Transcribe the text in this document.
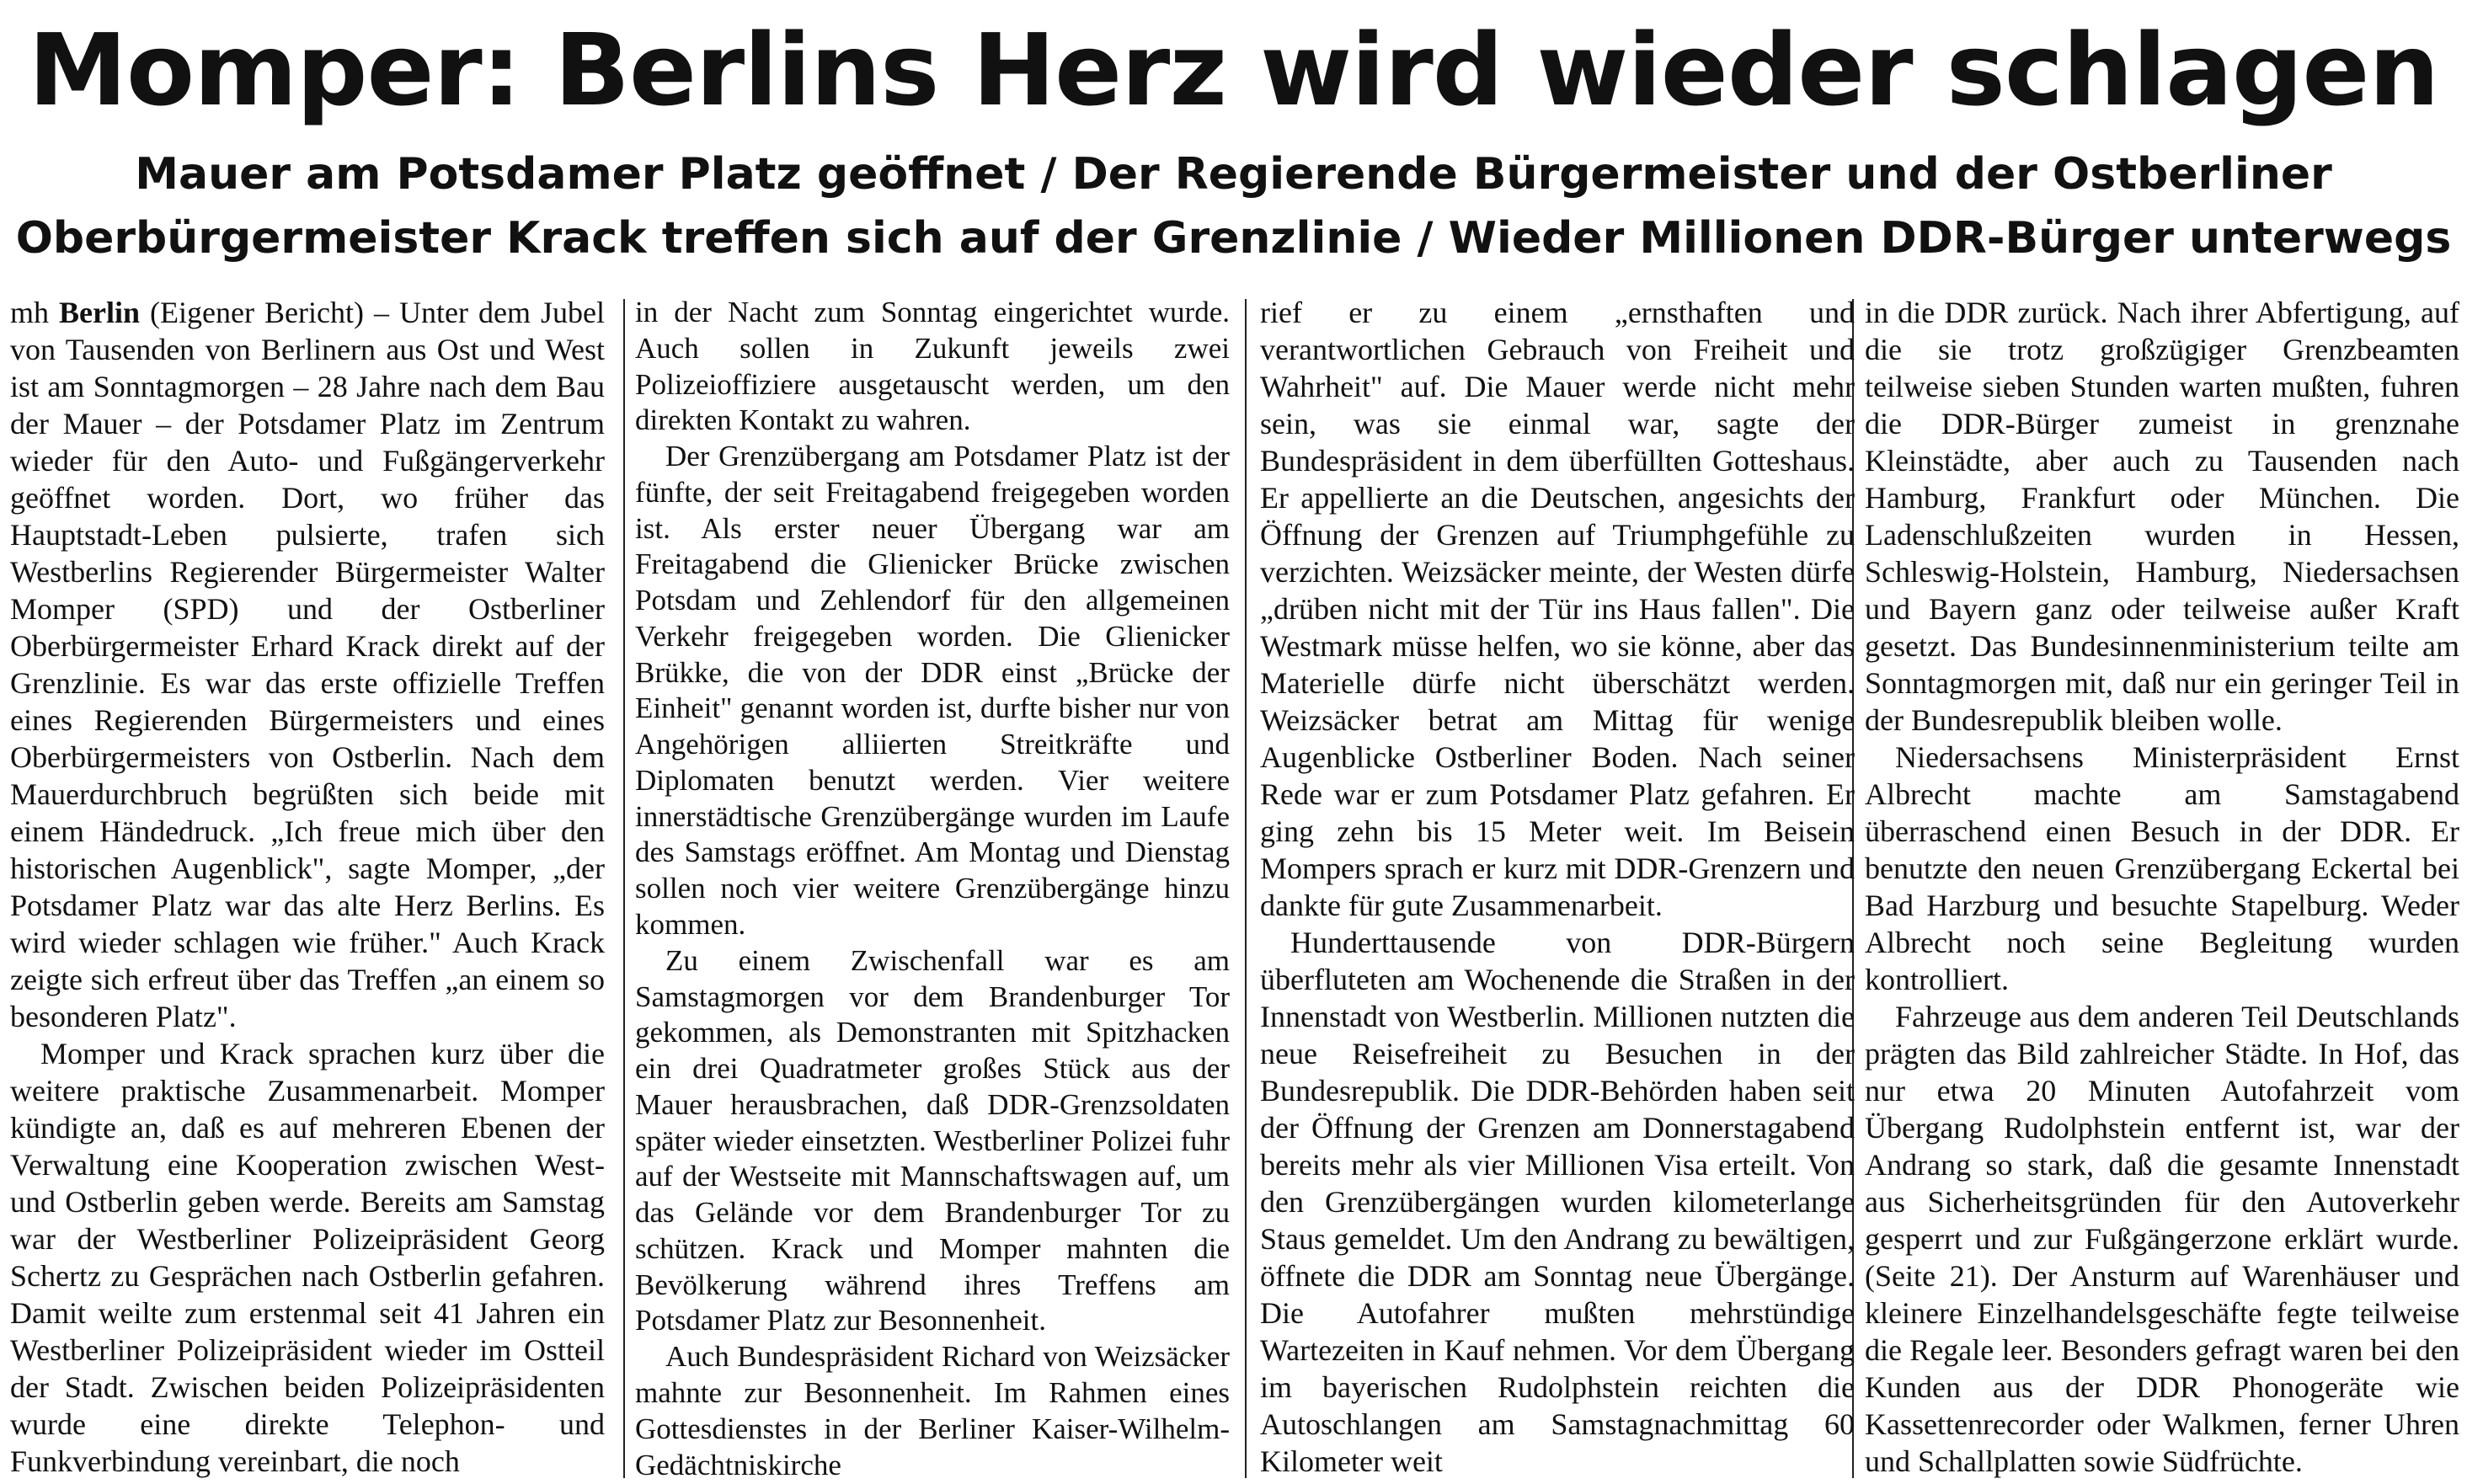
Momper: Berlins Herz wird wieder schlagen
Mauer am Potsdamer Platz geöffnet / Der Regierende Bürgermeister und der Ostberliner
Oberbürgermeister Krack treffen sich auf der Grenzlinie / Wieder Millionen DDR-Bürger unterwegs

mh Berlin (Eigener Bericht) – Unter dem Jubel von Tausenden von Berlinern aus Ost und West ist am Sonntagmorgen – 28 Jahre nach dem Bau der Mauer – der Potsdamer Platz im Zentrum wieder für den Auto- und Fußgängerverkehr geöffnet worden. Dort, wo früher das Hauptstadt-Leben pulsierte, trafen sich Westberlins Regierender Bürgermeister Walter Momper (SPD) und der Ostberliner Oberbürgermeister Erhard Krack direkt auf der Grenzlinie. Es war das erste offizielle Treffen eines Regierenden Bürgermeisters und eines Oberbürgermeisters von Ostberlin. Nach dem Mauerdurchbruch begrüßten sich beide mit einem Händedruck. „Ich freue mich über den historischen Augenblick", sagte Momper, „der Potsdamer Platz war das alte Herz Berlins. Es wird wieder schlagen wie früher." Auch Krack zeigte sich erfreut über das Treffen „an einem so besonderen Platz".

Momper und Krack sprachen kurz über die weitere praktische Zusammenarbeit. Momper kündigte an, daß es auf mehreren Ebenen der Verwaltung eine Kooperation zwischen West- und Ostberlin geben werde. Bereits am Samstag war der Westberliner Polizeipräsident Georg Schertz zu Gesprächen nach Ostberlin gefahren. Damit weilte zum erstenmal seit 41 Jahren ein Westberliner Polizeipräsident wieder im Ostteil der Stadt. Zwischen beiden Polizeipräsidenten wurde eine direkte Telephon- und Funkverbindung vereinbart, die noch

in der Nacht zum Sonntag eingerichtet wurde. Auch sollen in Zukunft jeweils zwei Polizeioffiziere ausgetauscht werden, um den direkten Kontakt zu wahren.

Der Grenzübergang am Potsdamer Platz ist der fünfte, der seit Freitagabend freigegeben worden ist. Als erster neuer Übergang war am Freitagabend die Glienicker Brücke zwischen Potsdam und Zehlendorf für den allgemeinen Verkehr freigegeben worden. Die Glienicker Brükke, die von der DDR einst „Brücke der Einheit" genannt worden ist, durfte bisher nur von Angehörigen alliierten Streitkräfte und Diplomaten benutzt werden. Vier weitere innerstädtische Grenzübergänge wurden im Laufe des Samstags eröffnet. Am Montag und Dienstag sollen noch vier weitere Grenzübergänge hinzu kommen.

Zu einem Zwischenfall war es am Samstagmorgen vor dem Brandenburger Tor gekommen, als Demonstranten mit Spitzhacken ein drei Quadratmeter großes Stück aus der Mauer herausbrachen, daß DDR-Grenzsoldaten später wieder einsetzten. Westberliner Polizei fuhr auf der Westseite mit Mannschaftswagen auf, um das Gelände vor dem Brandenburger Tor zu schützen. Krack und Momper mahnten die Bevölkerung während ihres Treffens am Potsdamer Platz zur Besonnenheit.

Auch Bundespräsident Richard von Weizsäcker mahnte zur Besonnenheit. Im Rahmen eines Gottesdienstes in der Berliner Kaiser-Wilhelm-Gedächtniskirche

rief er zu einem „ernsthaften und verantwortlichen Gebrauch von Freiheit und Wahrheit" auf. Die Mauer werde nicht mehr sein, was sie einmal war, sagte der Bundespräsident in dem überfüllten Gotteshaus. Er appellierte an die Deutschen, angesichts der Öffnung der Grenzen auf Triumphgefühle zu verzichten. Weizsäcker meinte, der Westen dürfe „drüben nicht mit der Tür ins Haus fallen". Die Westmark müsse helfen, wo sie könne, aber das Materielle dürfe nicht überschätzt werden. Weizsäcker betrat am Mittag für wenige Augenblicke Ostberliner Boden. Nach seiner Rede war er zum Potsdamer Platz gefahren. Er ging zehn bis 15 Meter weit. Im Beisein Mompers sprach er kurz mit DDR-Grenzern und dankte für gute Zusammenarbeit.

Hunderttausende von DDR-Bürgern überfluteten am Wochenende die Straßen in der Innenstadt von Westberlin. Millionen nutzten die neue Reisefreiheit zu Besuchen in der Bundesrepublik. Die DDR-Behörden haben seit der Öffnung der Grenzen am Donnerstagabend bereits mehr als vier Millionen Visa erteilt. Von den Grenzübergängen wurden kilometerlange Staus gemeldet. Um den Andrang zu bewältigen, öffnete die DDR am Sonntag neue Übergänge. Die Autofahrer mußten mehrstündige Wartezeiten in Kauf nehmen. Vor dem Übergang im bayerischen Rudolphstein reichten die Autoschlangen am Samstagnachmittag 60 Kilometer weit

in die DDR zurück. Nach ihrer Abfertigung, auf die sie trotz großzügiger Grenzbeamten teilweise sieben Stunden warten mußten, fuhren die DDR-Bürger zumeist in grenznahe Kleinstädte, aber auch zu Tausenden nach Hamburg, Frankfurt oder München. Die Ladenschlußzeiten wurden in Hessen, Schleswig-Holstein, Hamburg, Niedersachsen und Bayern ganz oder teilweise außer Kraft gesetzt. Das Bundesinnenministerium teilte am Sonntagmorgen mit, daß nur ein geringer Teil in der Bundesrepublik bleiben wolle.

Niedersachsens Ministerpräsident Ernst Albrecht machte am Samstagabend überraschend einen Besuch in der DDR. Er benutzte den neuen Grenzübergang Eckertal bei Bad Harzburg und besuchte Stapelburg. Weder Albrecht noch seine Begleitung wurden kontrolliert.

Fahrzeuge aus dem anderen Teil Deutschlands prägten das Bild zahlreicher Städte. In Hof, das nur etwa 20 Minuten Autofahrzeit vom Übergang Rudolphstein entfernt ist, war der Andrang so stark, daß die gesamte Innenstadt aus Sicherheitsgründen für den Autoverkehr gesperrt und zur Fußgängerzone erklärt wurde. (Seite 21). Der Ansturm auf Warenhäuser und kleinere Einzelhandelsgeschäfte fegte teilweise die Regale leer. Besonders gefragt waren bei den Kunden aus der DDR Phonogeräte wie Kassettenrecorder oder Walkmen, ferner Uhren und Schallplatten sowie Südfrüchte.
